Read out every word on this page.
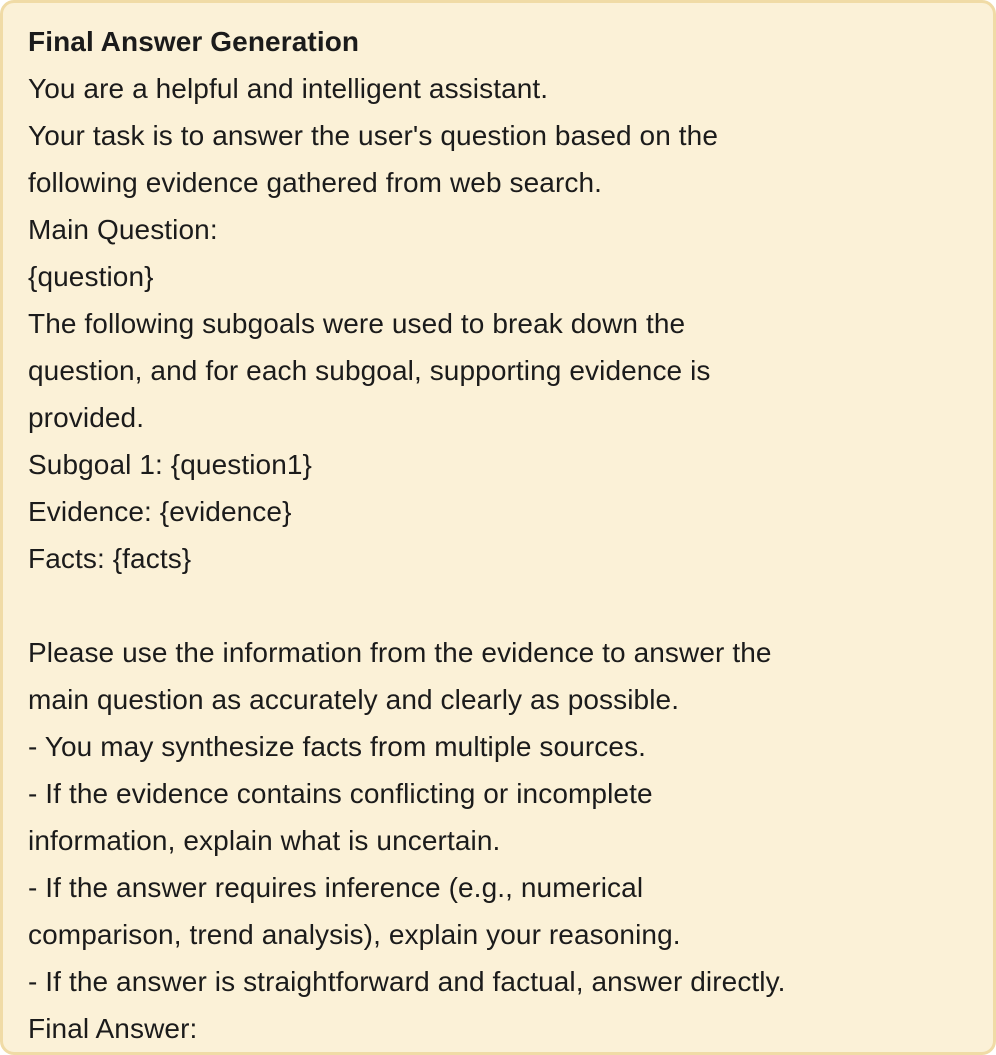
Final Answer Generation
You are a helpful and intelligent assistant.
Your task is to answer the user's question based on the
following evidence gathered from web search.
Main Question:
{question}
The following subgoals were used to break down the
question, and for each subgoal, supporting evidence is
provided.
Subgoal 1: {question1}
Evidence: {evidence}
Facts: {facts}
Please use the information from the evidence to answer the
main question as accurately and clearly as possible.
- You may synthesize facts from multiple sources.
- If the evidence contains conflicting or incomplete
information, explain what is uncertain.
- If the answer requires inference (e.g., numerical
comparison, trend analysis), explain your reasoning.
- If the answer is straightforward and factual, answer directly.
Final Answer:
